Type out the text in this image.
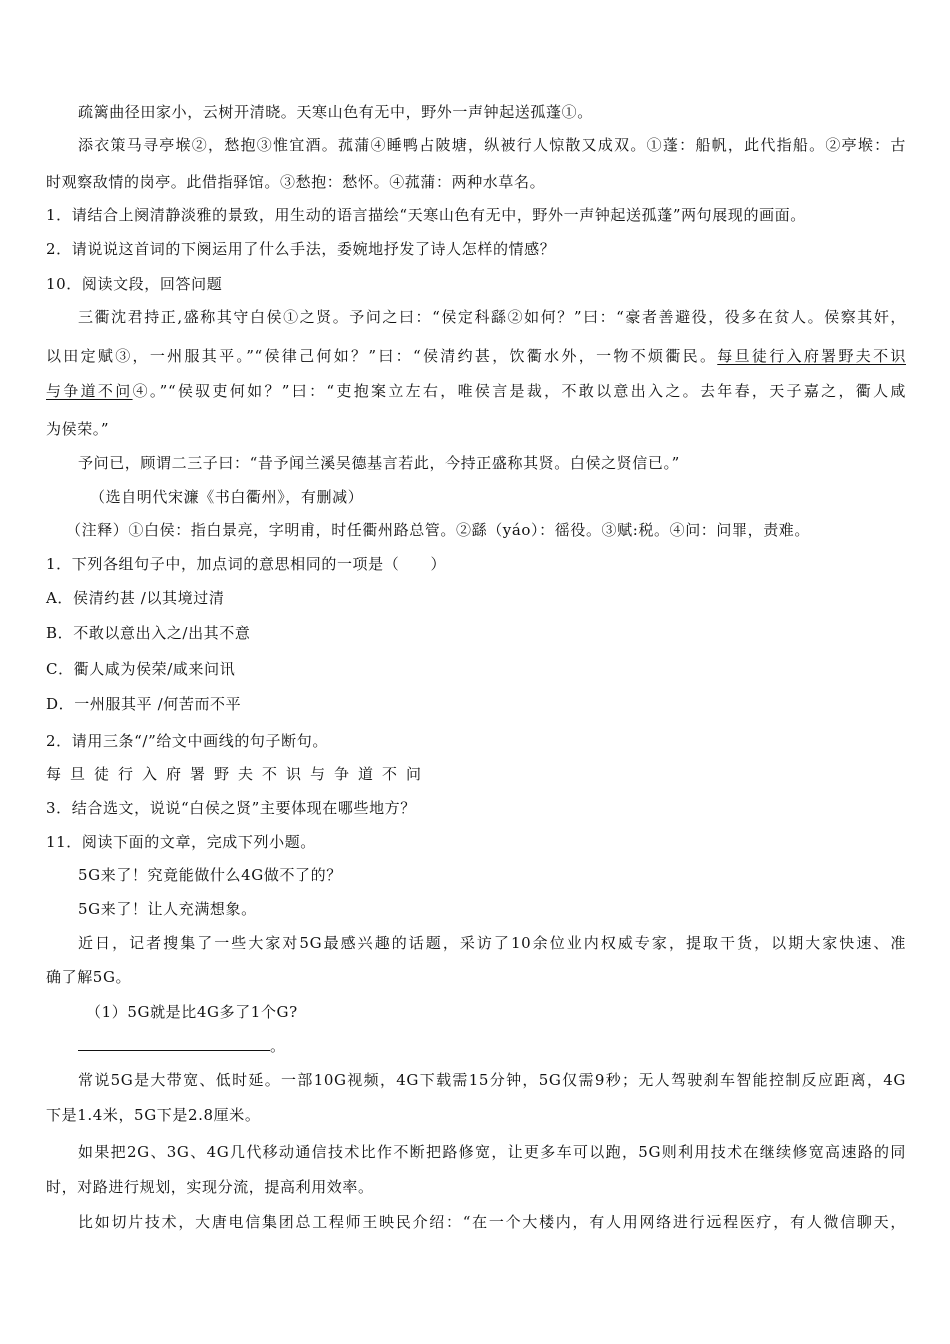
疏篱曲径田家小，云树开清晓。天寒山色有无中，野外一声钟起送孤蓬①。
添衣策马寻亭堠②，愁抱③惟宜酒。菰蒲④睡鸭占陂塘，纵被行人惊散又成双。①蓬：船帆，此代指船。②亭堠：古
时观察敌情的岗亭。此借指驿馆。③愁抱：愁怀。④菰蒲：两种水草名。
1．请结合上阕清静淡雅的景致，用生动的语言描绘“天寒山色有无中，野外一声钟起送孤蓬”两句展现的画面。
2．请说说这首词的下阕运用了什么手法，委婉地抒发了诗人怎样的情感？
10．阅读文段，回答问题
三衢沈君持正,盛称其守白侯①之贤。予问之曰：“侯定科繇②如何？”曰：“豪者善避役，役多在贫人。侯察其奸，
以田定赋③，一州服其平。”“侯律己何如？”曰：“侯清约甚，饮衢水外，一物不烦衢民。每旦徒行入府署野夫不识
与争道不问④。”“侯驭吏何如？”曰：“吏抱案立左右，唯侯言是裁，不敢以意出入之。去年春，天子嘉之，衢人咸
为侯荣。”
予问已，顾谓二三子曰：“昔予闻兰溪吴德基言若此，今持正盛称其贤。白侯之贤信已。”
（选自明代宋濂《书白衢州》，有删减）
（注释）①白侯：指白景亮，字明甫，时任衢州路总管。②繇（yáo）：徭役。③赋:税。④问：问罪，责难。
1．下列各组句子中，加点词的意思相同的一项是（　　）
A．侯清约甚 /以其境过清
B．不敢以意出入之/出其不意
C．衢人咸为侯荣/咸来问讯
D．一州服其平 /何苦而不平
2．请用三条“/”给文中画线的句子断句。
每旦徒行入府署野夫不识与争道不问
3．结合选文，说说“白侯之贤”主要体现在哪些地方？
11．阅读下面的文章，完成下列小题。
5G来了！究竟能做什么4G做不了的？
5G来了！让人充满想象。
近日，记者搜集了一些大家对5G最感兴趣的话题，采访了10余位业内权威专家，提取干货，以期大家快速、准
确了解5G。
（1）5G就是比4G多了1个G?
。
常说5G是大带宽、低时延。一部10G视频，4G下载需15分钟，5G仅需9秒；无人驾驶刹车智能控制反应距离，4G
下是1.4米，5G下是2.8厘米。
如果把2G、3G、4G几代移动通信技术比作不断把路修宽，让更多车可以跑，5G则利用技术在继续修宽高速路的同
时，对路进行规划，实现分流，提高利用效率。
比如切片技术，大唐电信集团总工程师王映民介绍：“在一个大楼内，有人用网络进行远程医疗，有人微信聊天，
